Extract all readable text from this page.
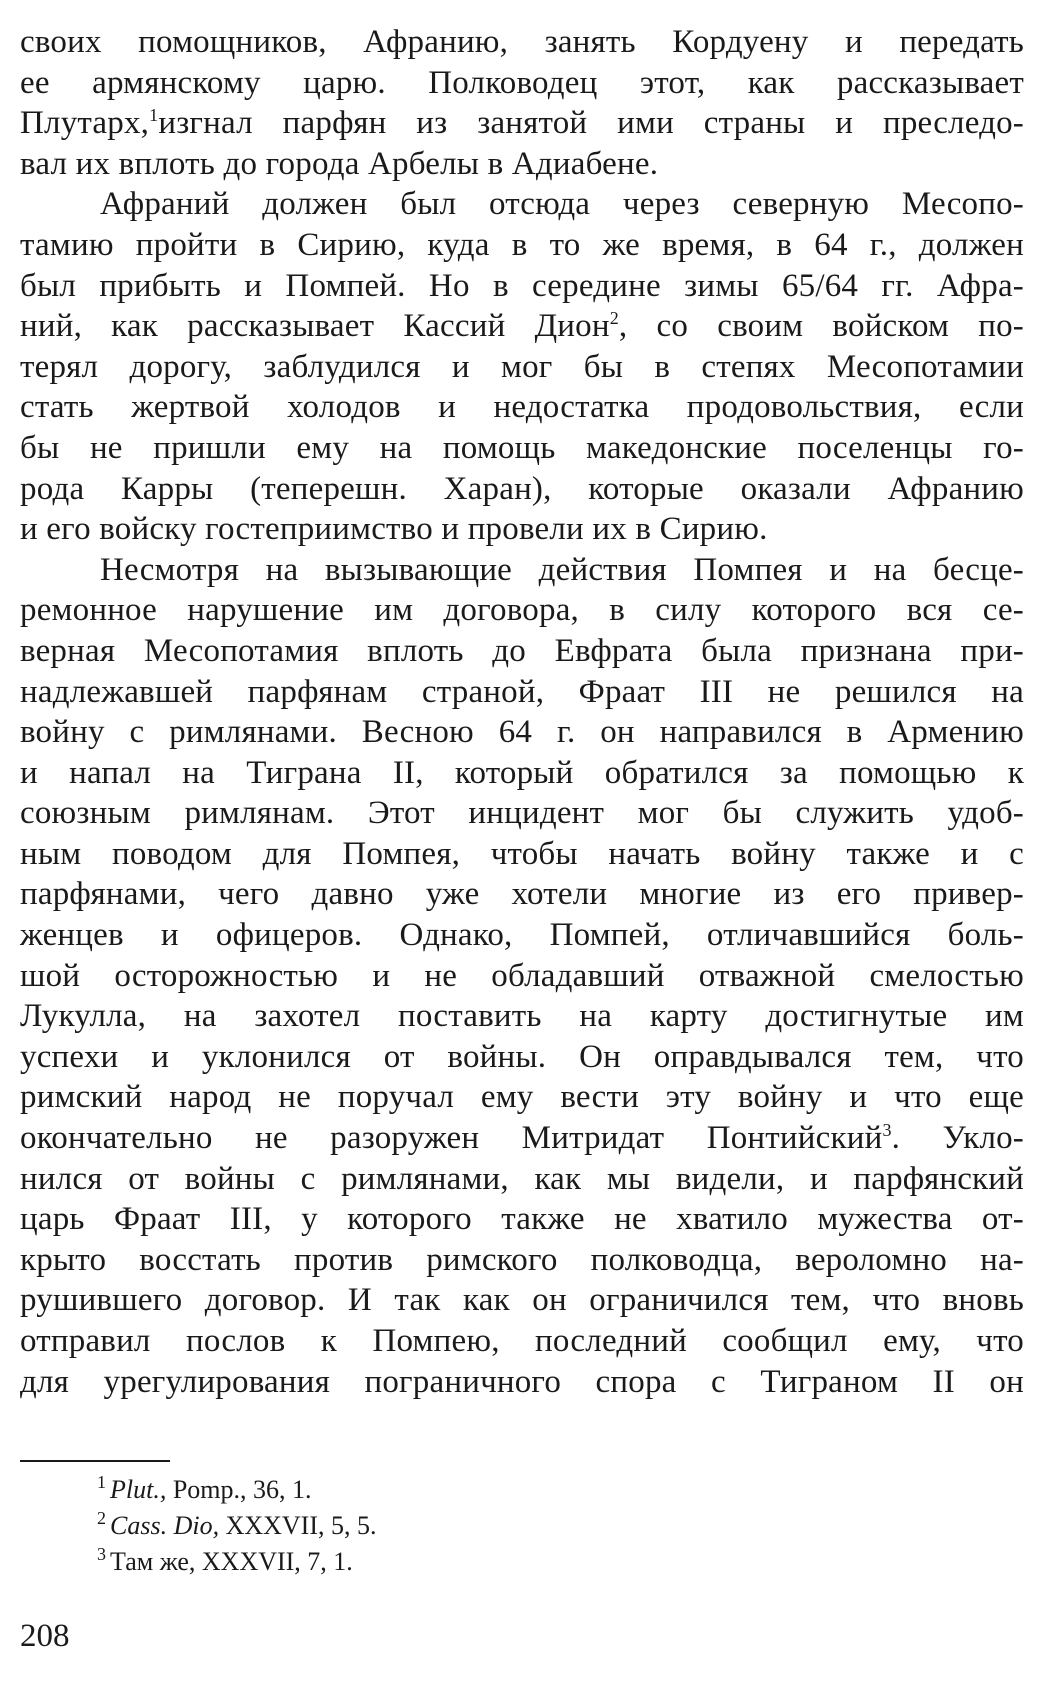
своих помощников, Афранию, занять Кордуену и передать
ее армянскому царю. Полководец этот, как рассказывает
Плутарх,$^1$изгнал парфян из занятой ими страны и преследо-
вал их вплоть до города Арбелы в Адиабене.
Афраний должен был отсюда через северную Месопо-
тамию пройти в Сирию, куда в то же время, в 64 г., должен
был прибыть и Помпей. Но в середине зимы 65/64 гг. Афра-
ний, как рассказывает Кассий Дион$^2$, со своим войском по-
терял дорогу, заблудился и мог бы в степях Месопотамии
стать жертвой холодов и недостатка продовольствия, если
бы не пришли ему на помощь македонские поселенцы го-
рода Карры (теперешн. Харан), которые оказали Афранию
и его войску гостеприимство и провели их в Сирию.
Несмотря на вызывающие действия Помпея и на бесце-
ремонное нарушение им договора, в силу которого вся се-
верная Месопотамия вплоть до Евфрата была признана при-
надлежавшей парфянам страной, Фраат III не решился на
войну с римлянами. Весною 64 г. он направился в Армению
и напал на Тиграна II, который обратился за помощью к
союзным римлянам. Этот инцидент мог бы служить удоб-
ным поводом для Помпея, чтобы начать войну также и с
парфянами, чего давно уже хотели многие из его привер-
женцев и офицеров. Однако, Помпей, отличавшийся боль-
шой осторожностью и не обладавший отважной смелостью
Лукулла, на захотел поставить на карту достигнутые им
успехи и уклонился от войны. Он оправдывался тем, что
римский народ не поручал ему вести эту войну и что еще
окончательно не разоружен Митридат Понтийский$^3$. Укло-
нился от войны с римлянами, как мы видели, и парфянский
царь Фраат III, у которого также не хватило мужества от-
крыто восстать против римского полководца, вероломно на-
рушившего договор. И так как он ограничился тем, что вновь
отправил послов к Помпею, последний сообщил ему, что
для урегулирования пограничного спора с Тиграном II он
$^1$ Plut., Pomp., 36, 1.
$^2$ Cass. Dio, XXXVII, 5, 5.
$^3$ Там же, XXXVII, 7, 1.
208
